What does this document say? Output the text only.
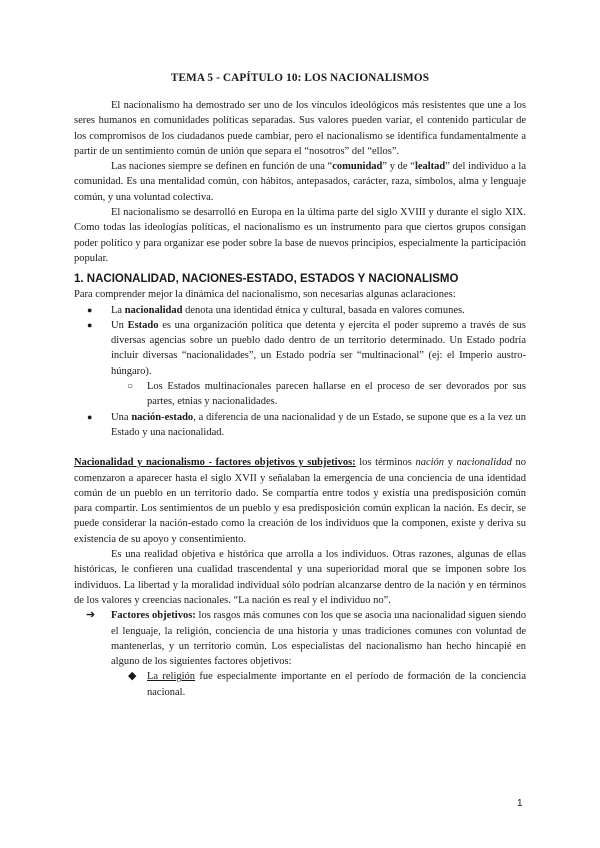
TEMA 5 - CAPÍTULO 10: LOS NACIONALISMOS

El nacionalismo ha demostrado ser uno de los vínculos ideológicos más resistentes que une a los seres humanos en comunidades políticas separadas. Sus valores pueden variar, el contenido particular de los compromisos de los ciudadanos puede cambiar, pero el nacionalismo se identifica fundamentalmente a partir de un sentimiento común de unión que separa el “nosotros” del “ellos”.

Las naciones siempre se definen en función de una “comunidad” y de “lealtad” del individuo a la comunidad. Es una mentalidad común, con hábitos, antepasados, carácter, raza, símbolos, alma y lenguaje común, y una voluntad colectiva.

El nacionalismo se desarrolló en Europa en la última parte del siglo XVIII y durante el siglo XIX. Como todas las ideologías políticas, el nacionalismo es un instrumento para que ciertos grupos consigan poder político y para organizar ese poder sobre la base de nuevos principios, especialmente la participación popular.

1. NACIONALIDAD, NACIONES-ESTADO, ESTADOS Y NACIONALISMO

Para comprender mejor la dinámica del nacionalismo, son necesarias algunas aclaraciones:

● La nacionalidad denota una identidad étnica y cultural, basada en valores comunes.
● Un Estado es una organización política que detenta y ejercita el poder supremo a través de sus diversas agencias sobre un pueblo dado dentro de un territorio determinado. Un Estado podría incluir diversas “nacionalidades”, un Estado podría ser “multinacional” (ej: el Imperio austro-húngaro).
○ Los Estados multinacionales parecen hallarse en el proceso de ser devorados por sus partes, etnias y nacionalidades.
● Una nación-estado, a diferencia de una nacionalidad y de un Estado, se supone que es a la vez un Estado y una nacionalidad.

Nacionalidad y nacionalismo - factores objetivos y subjetivos: los términos nación y nacionalidad no comenzaron a aparecer hasta el siglo XVII y señalaban la emergencia de una conciencia de una identidad común de un pueblo en un territorio dado. Se compartía entre todos y existía una predisposición común para compartir. Los sentimientos de un pueblo y esa predisposición común explican la nación. Es decir, se puede considerar la nación-estado como la creación de los individuos que la componen, existe y deriva su existencia de su apoyo y consentimiento.

Es una realidad objetiva e histórica que arrolla a los individuos. Otras razones, algunas de ellas históricas, le confieren una cualidad trascendental y una superioridad moral que se imponen sobre los individuos. La libertad y la moralidad individual sólo podrían alcanzarse dentro de la nación y en términos de los valores y creencias nacionales. “La nación es real y el individuo no”.

➔ Factores objetivos: los rasgos más comunes con los que se asocia una nacionalidad siguen siendo el lenguaje, la religión, conciencia de una historia y unas tradiciones comunes con voluntad de mantenerlas, y un territorio común. Los especialistas del nacionalismo han hecho hincapié en alguno de los siguientes factores objetivos:
◆ La religión fue especialmente importante en el período de formación de la conciencia nacional.
1
